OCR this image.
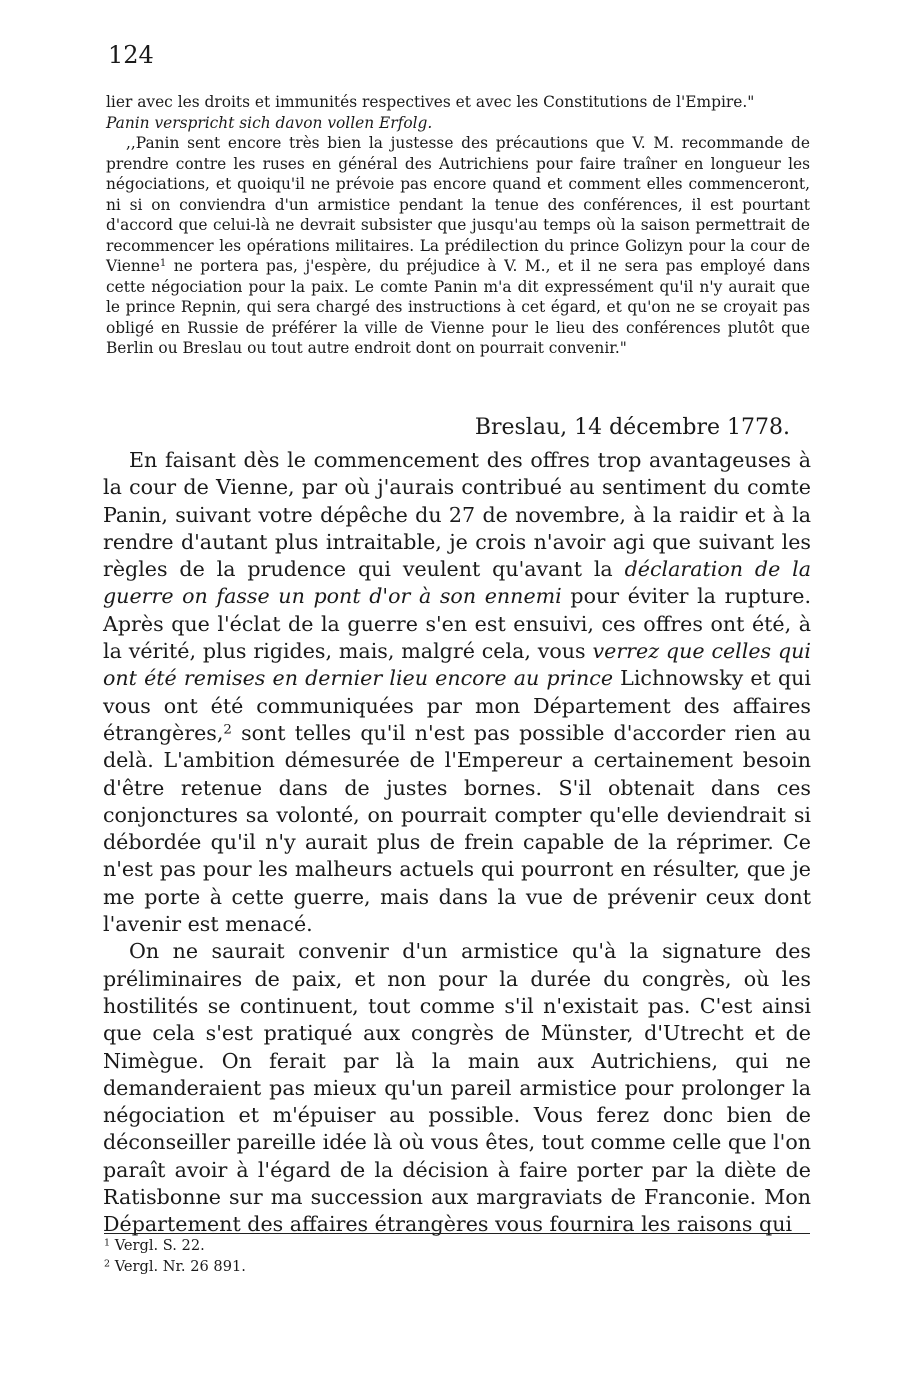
124

lier avec les droits et immunités respectives et avec les Constitutions de l'Empire."

Panin verspricht sich davon vollen Erfolg.

,,Panin sent encore très bien la justesse des précautions que V. M. recommande de prendre contre les ruses en général des Autrichiens pour faire traîner en longueur les négociations, et quoiqu'il ne prévoie pas encore quand et comment elles commenceront, ni si on conviendra d'un armistice pendant la tenue des conférences, il est pourtant d'accord que celui-là ne devrait subsister que jusqu'au temps où la saison permettrait de recommencer les opérations militaires. La prédilection du prince Golizyn pour la cour de Vienne$^1$ ne portera pas, j'espère, du préjudice à V. M., et il ne sera pas employé dans cette négociation pour la paix. Le comte Panin m'a dit expressément qu'il n'y aurait que le prince Repnin, qui sera chargé des instructions à cet égard, et qu'on ne se croyait pas obligé en Russie de préférer la ville de Vienne pour le lieu des conférences plutôt que Berlin ou Breslau ou tout autre endroit dont on pourrait convenir."

Breslau, 14 décembre 1778.

En faisant dès le commencement des offres trop avantageuses à la cour de Vienne, par où j'aurais contribué au sentiment du comte Panin, suivant votre dépêche du 27 de novembre, à la raidir et à la rendre d'autant plus intraitable, je crois n'avoir agi que suivant les règles de la prudence qui veulent qu'avant la déclaration de la guerre on fasse un pont d'or à son ennemi pour éviter la rupture. Après que l'éclat de la guerre s'en est ensuivi, ces offres ont été, à la vérité, plus rigides, mais, malgré cela, vous verrez que celles qui ont été remises en dernier lieu encore au prince Lichnowsky et qui vous ont été communiquées par mon Département des affaires étrangères,$^2$ sont telles qu'il n'est pas possible d'accorder rien au delà. L'ambition démesurée de l'Empereur a certainement besoin d'être retenue dans de justes bornes. S'il obtenait dans ces conjonctures sa volonté, on pourrait compter qu'elle deviendrait si débordée qu'il n'y aurait plus de frein capable de la réprimer. Ce n'est pas pour les malheurs actuels qui pourront en résulter, que je me porte à cette guerre, mais dans la vue de prévenir ceux dont l'avenir est menacé.

On ne saurait convenir d'un armistice qu'à la signature des préliminaires de paix, et non pour la durée du congrès, où les hostilités se continuent, tout comme s'il n'existait pas. C'est ainsi que cela s'est pratiqué aux congrès de Münster, d'Utrecht et de Nimègue. On ferait par là la main aux Autrichiens, qui ne demanderaient pas mieux qu'un pareil armistice pour prolonger la négociation et m'épuiser au possible. Vous ferez donc bien de déconseiller pareille idée là où vous êtes, tout comme celle que l'on paraît avoir à l'égard de la décision à faire porter par la diète de Ratisbonne sur ma succession aux margraviats de Franconie. Mon Département des affaires étrangères vous fournira les raisons qui

$^1$ Vergl. S. 22.
$^2$ Vergl. Nr. 26 891.
